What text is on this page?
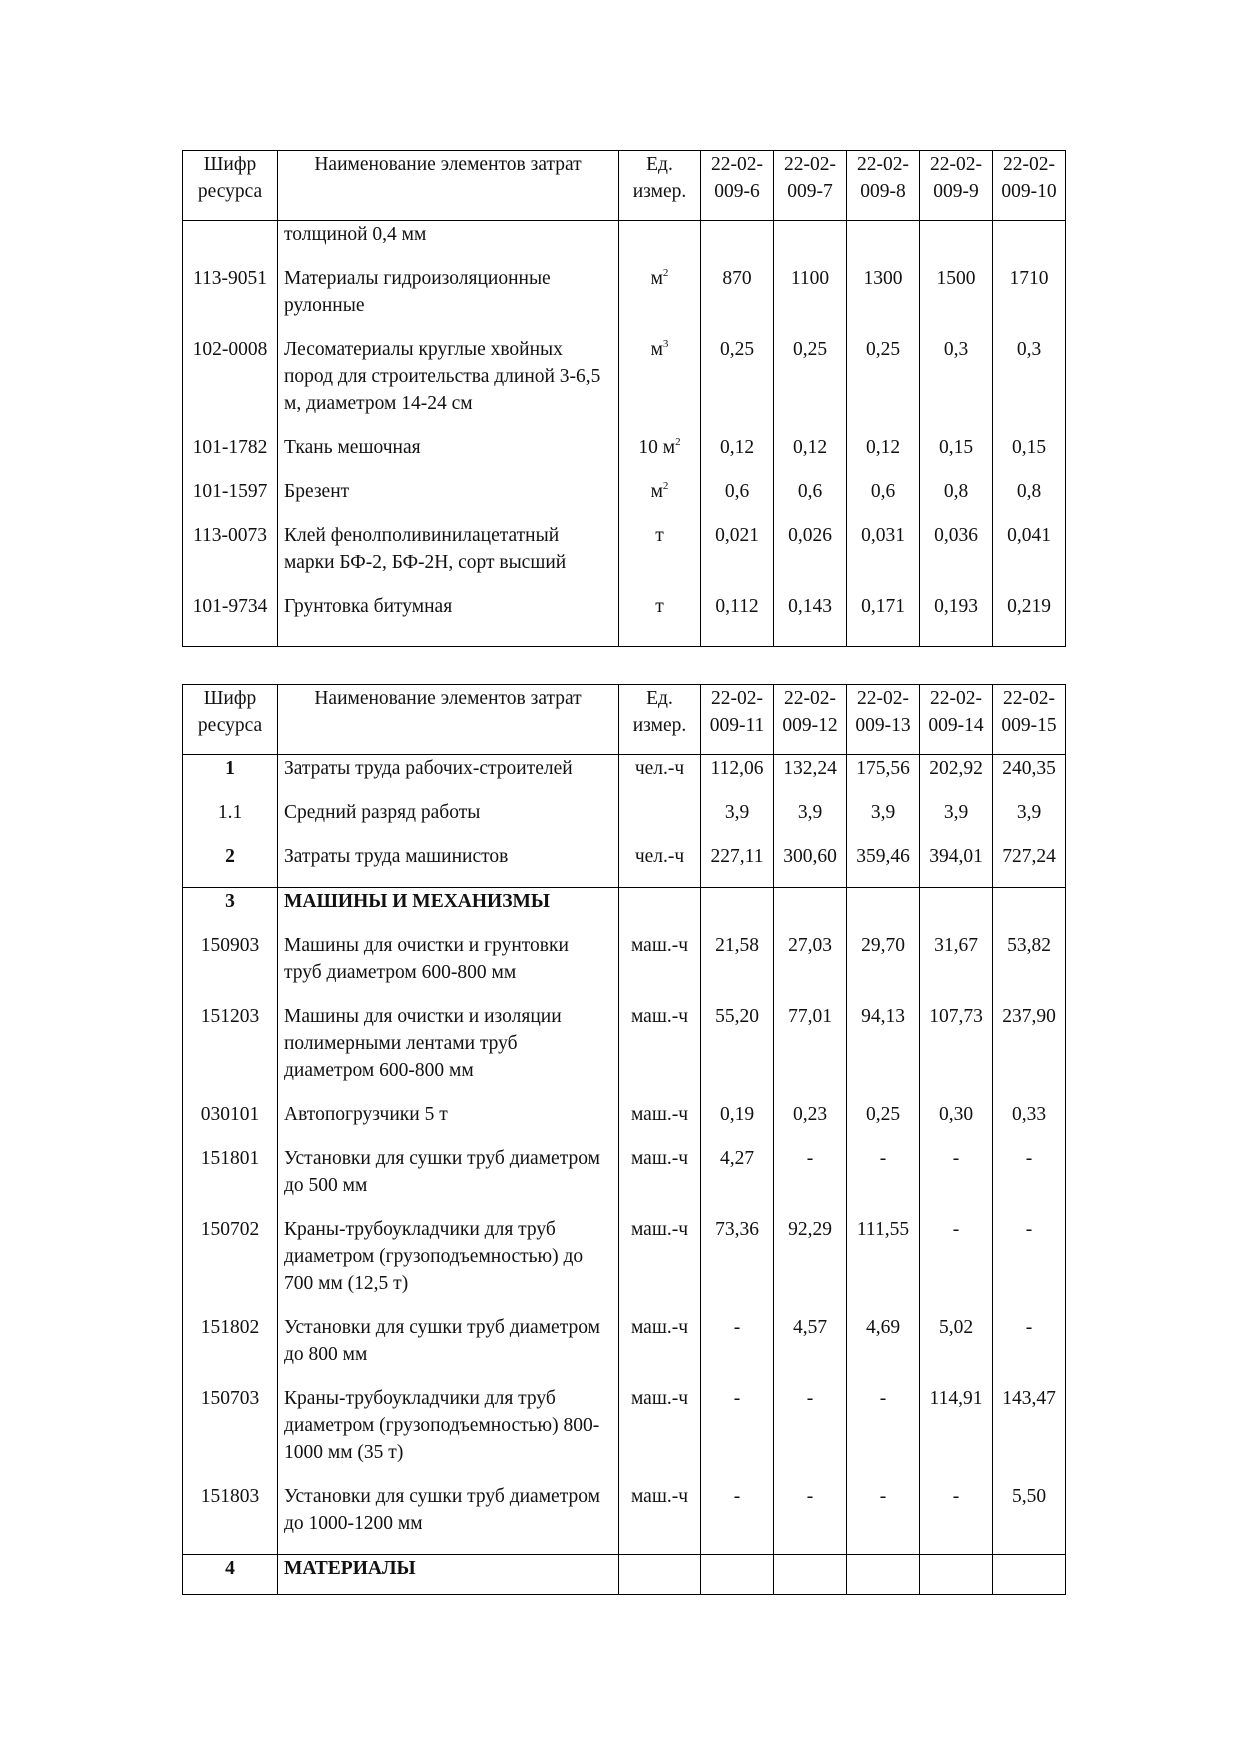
Шифр ресурса	Наименование элементов затрат	Ед. измер.	22-02-009-6	22-02-009-7	22-02-009-8	22-02-009-9	22-02-009-10
	толщиной 0,4 мм						
113-9051	Материалы гидроизоляционные рулонные	$м^2$	870	1100	1300	1500	1710
102-0008	Лесоматериалы круглые хвойных пород для строительства длиной 3-6,5 м, диаметром 14-24 см	$м^3$	0,25	0,25	0,25	0,3	0,3
101-1782	Ткань мешочная	10 $м^2$	0,12	0,12	0,12	0,15	0,15
101-1597	Брезент	$м^2$	0,6	0,6	0,6	0,8	0,8
113-0073	Клей фенолполивинилацетатный марки БФ-2, БФ-2Н, сорт высший	т	0,021	0,026	0,031	0,036	0,041
101-9734	Грунтовка битумная	т	0,112	0,143	0,171	0,193	0,219
Шифр ресурса	Наименование элементов затрат	Ед. измер.	22-02-009-11	22-02-009-12	22-02-009-13	22-02-009-14	22-02-009-15
1	Затраты труда рабочих-строителей	чел.-ч	112,06	132,24	175,56	202,92	240,35
1.1	Средний разряд работы		3,9	3,9	3,9	3,9	3,9
2	Затраты труда машинистов	чел.-ч	227,11	300,60	359,46	394,01	727,24
3	МАШИНЫ И МЕХАНИЗМЫ						
150903	Машины для очистки и грунтовки труб диаметром 600-800 мм	маш.-ч	21,58	27,03	29,70	31,67	53,82
151203	Машины для очистки и изоляции полимерными лентами труб диаметром 600-800 мм	маш.-ч	55,20	77,01	94,13	107,73	237,90
030101	Автопогрузчики 5 т	маш.-ч	0,19	0,23	0,25	0,30	0,33
151801	Установки для сушки труб диаметром до 500 мм	маш.-ч	4,27	-	-	-	-
150702	Краны-трубоукладчики для труб диаметром (грузоподъемностью) до 700 мм (12,5 т)	маш.-ч	73,36	92,29	111,55	-	-
151802	Установки для сушки труб диаметром до 800 мм	маш.-ч	-	4,57	4,69	5,02	-
150703	Краны-трубоукладчики для труб диаметром (грузоподъемностью) 800-1000 мм (35 т)	маш.-ч	-	-	-	114,91	143,47
151803	Установки для сушки труб диаметром до 1000-1200 мм	маш.-ч	-	-	-	-	5,50
4	МАТЕРИАЛЫ						
